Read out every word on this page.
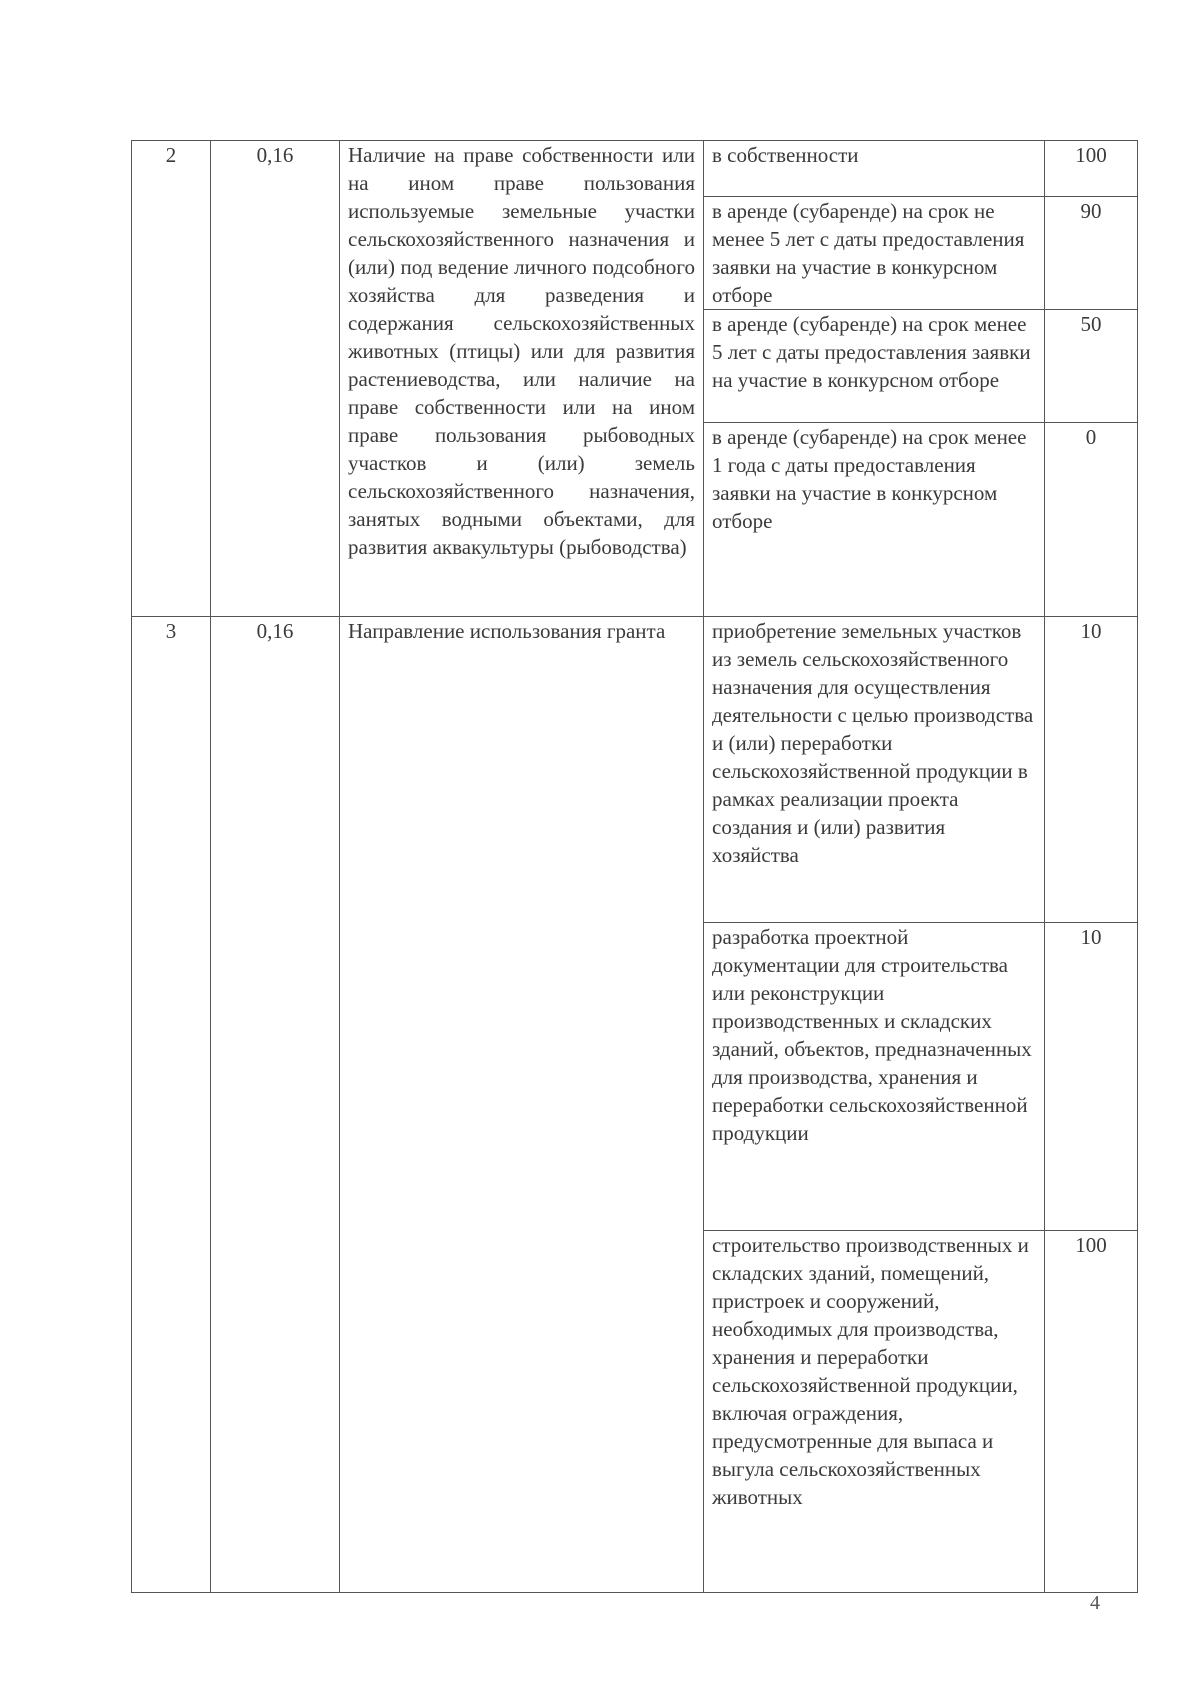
2	0,16	Наличие на праве собственности или на ином праве пользования используемые земельные участки сельскохозяйственного назначения и (или) под ведение личного подсобного хозяйства для разведения и содержания сельскохозяйственных животных (птицы) или для развития растениеводства, или наличие на праве собственности или на ином праве пользования рыбоводных участков и (или) земель сельскохозяйственного назначения, занятых водными объектами, для развития аквакультуры (рыбоводства)	в собственности	100
			в аренде (субаренде) на срок не менее 5 лет с даты предоставления заявки на участие в конкурсном отборе	90
			в аренде (субаренде) на срок менее 5 лет с даты предоставления заявки на участие в конкурсном отборе	50
			в аренде (субаренде) на срок менее 1 года с даты предоставления заявки на участие в конкурсном отборе	0
3	0,16	Направление использования гранта	приобретение земельных участков из земель сельскохозяйственного назначения для осуществления деятельности с целью производства и (или) переработки сельскохозяйственной продукции в рамках реализации проекта создания и (или) развития хозяйства	10
			разработка проектной документации для строительства или реконструкции производственных и складских зданий, объектов, предназначенных для производства, хранения и переработки сельскохозяйственной продукции	10
			строительство производственных и складских зданий, помещений, пристроек и сооружений, необходимых для производства, хранения и переработки сельскохозяйственной продукции, включая ограждения, предусмотренные для выпаса и выгула сельскохозяйственных животных	100
4
